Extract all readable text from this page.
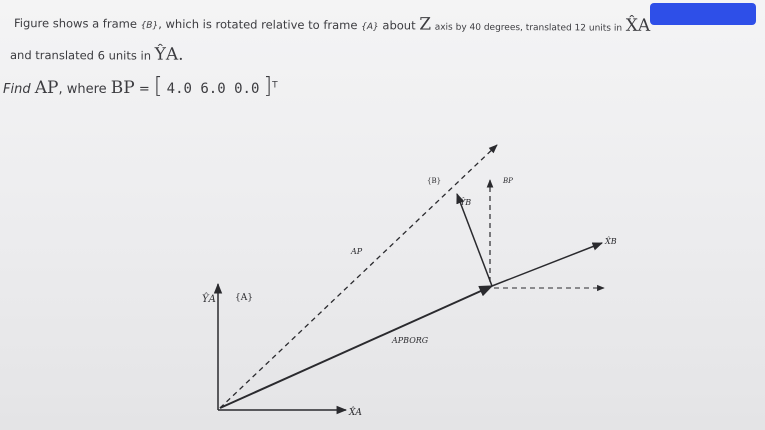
Figure shows a frame {B}, which is rotated relative to frame {A} about Z axis by 40 degrees, translated 12 units in X̂A
and translated 6 units in ŶA.
Find AP, where BP = [ 4.0 6.0 0.0 ]$^T$
ŶA {A}
X̂A
AP
APBORG
{B}
ŶB
BP
X̂B
